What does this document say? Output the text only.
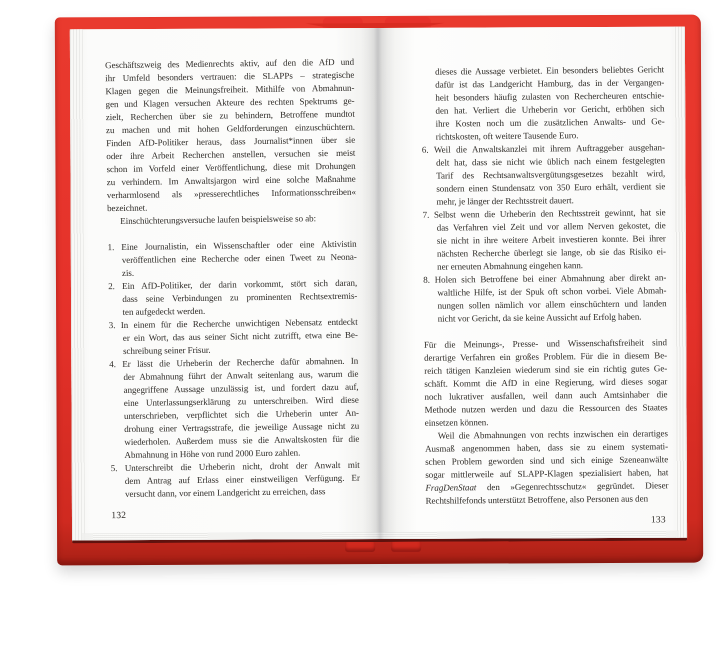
Geschäftszweig des Medienrechts aktiv, auf den die AfD und
ihr Umfeld besonders vertrauen: die SLAPPs – strategische
Klagen gegen die Meinungsfreiheit. Mithilfe von Abmahnun-
gen und Klagen versuchen Akteure des rechten Spektrums ge-
zielt, Recherchen über sie zu behindern, Betroffene mundtot
zu machen und mit hohen Geldforderungen einzuschüchtern.
Finden AfD-Politiker heraus, dass Journalist*innen über sie
oder ihre Arbeit Recherchen anstellen, versuchen sie meist
schon im Vorfeld einer Veröffentlichung, diese mit Drohungen
zu verhindern. Im Anwaltsjargon wird eine solche Maßnahme
verharmlosend als »presserechtliches Informationsschreiben«
bezeichnet.
Einschüchterungsversuche laufen beispielsweise so ab:
1. Eine Journalistin, ein Wissenschaftler oder eine Aktivistin
veröffentlichen eine Recherche oder einen Tweet zu Neona-
zis.
2. Ein AfD-Politiker, der darin vorkommt, stört sich daran,
dass seine Verbindungen zu prominenten Rechtsextremis-
ten aufgedeckt werden.
3. In einem für die Recherche unwichtigen Nebensatz entdeckt
er ein Wort, das aus seiner Sicht nicht zutrifft, etwa eine Be-
schreibung seiner Frisur.
4. Er lässt die Urheberin der Recherche dafür abmahnen. In
der Abmahnung führt der Anwalt seitenlang aus, warum die
angegriffene Aussage unzulässig ist, und fordert dazu auf,
eine Unterlassungserklärung zu unterschreiben. Wird diese
unterschrieben, verpflichtet sich die Urheberin unter An-
drohung einer Vertragsstrafe, die jeweilige Aussage nicht zu
wiederholen. Außerdem muss sie die Anwaltskosten für die
Abmahnung in Höhe von rund 2000 Euro zahlen.
5. Unterschreibt die Urheberin nicht, droht der Anwalt mit
dem Antrag auf Erlass einer einstweiligen Verfügung. Er
versucht dann, vor einem Landgericht zu erreichen, dass
132
dieses die Aussage verbietet. Ein besonders beliebtes Gericht
dafür ist das Landgericht Hamburg, das in der Vergangen-
heit besonders häufig zulasten von Rechercheuren entschie-
den hat. Verliert die Urheberin vor Gericht, erhöhen sich
ihre Kosten noch um die zusätzlichen Anwalts- und Ge-
richtskosten, oft weitere Tausende Euro.
6. Weil die Anwaltskanzlei mit ihrem Auftraggeber ausgehan-
delt hat, dass sie nicht wie üblich nach einem festgelegten
Tarif des Rechtsanwaltsvergütungsgesetzes bezahlt wird,
sondern einen Stundensatz von 350 Euro erhält, verdient sie
mehr, je länger der Rechtsstreit dauert.
7. Selbst wenn die Urheberin den Rechtsstreit gewinnt, hat sie
das Verfahren viel Zeit und vor allem Nerven gekostet, die
sie nicht in ihre weitere Arbeit investieren konnte. Bei ihrer
nächsten Recherche überlegt sie lange, ob sie das Risiko ei-
ner erneuten Abmahnung eingehen kann.
8. Holen sich Betroffene bei einer Abmahnung aber direkt an-
waltliche Hilfe, ist der Spuk oft schon vorbei. Viele Abmah-
nungen sollen nämlich vor allem einschüchtern und landen
nicht vor Gericht, da sie keine Aussicht auf Erfolg haben.
Für die Meinungs-, Presse- und Wissenschaftsfreiheit sind
derartige Verfahren ein großes Problem. Für die in diesem Be-
reich tätigen Kanzleien wiederum sind sie ein richtig gutes Ge-
schäft. Kommt die AfD in eine Regierung, wird dieses sogar
noch lukrativer ausfallen, weil dann auch Amtsinhaber die
Methode nutzen werden und dazu die Ressourcen des Staates
einsetzen können.
Weil die Abmahnungen von rechts inzwischen ein derartiges
Ausmaß angenommen haben, dass sie zu einem systemati-
schen Problem geworden sind und sich einige Szeneanwälte
sogar mittlerweile auf SLAPP-Klagen spezialisiert haben, hat
FragDenStaat den »Gegenrechtsschutz« gegründet. Dieser
Rechtshilfefonds unterstützt Betroffene, also Personen aus den
133
